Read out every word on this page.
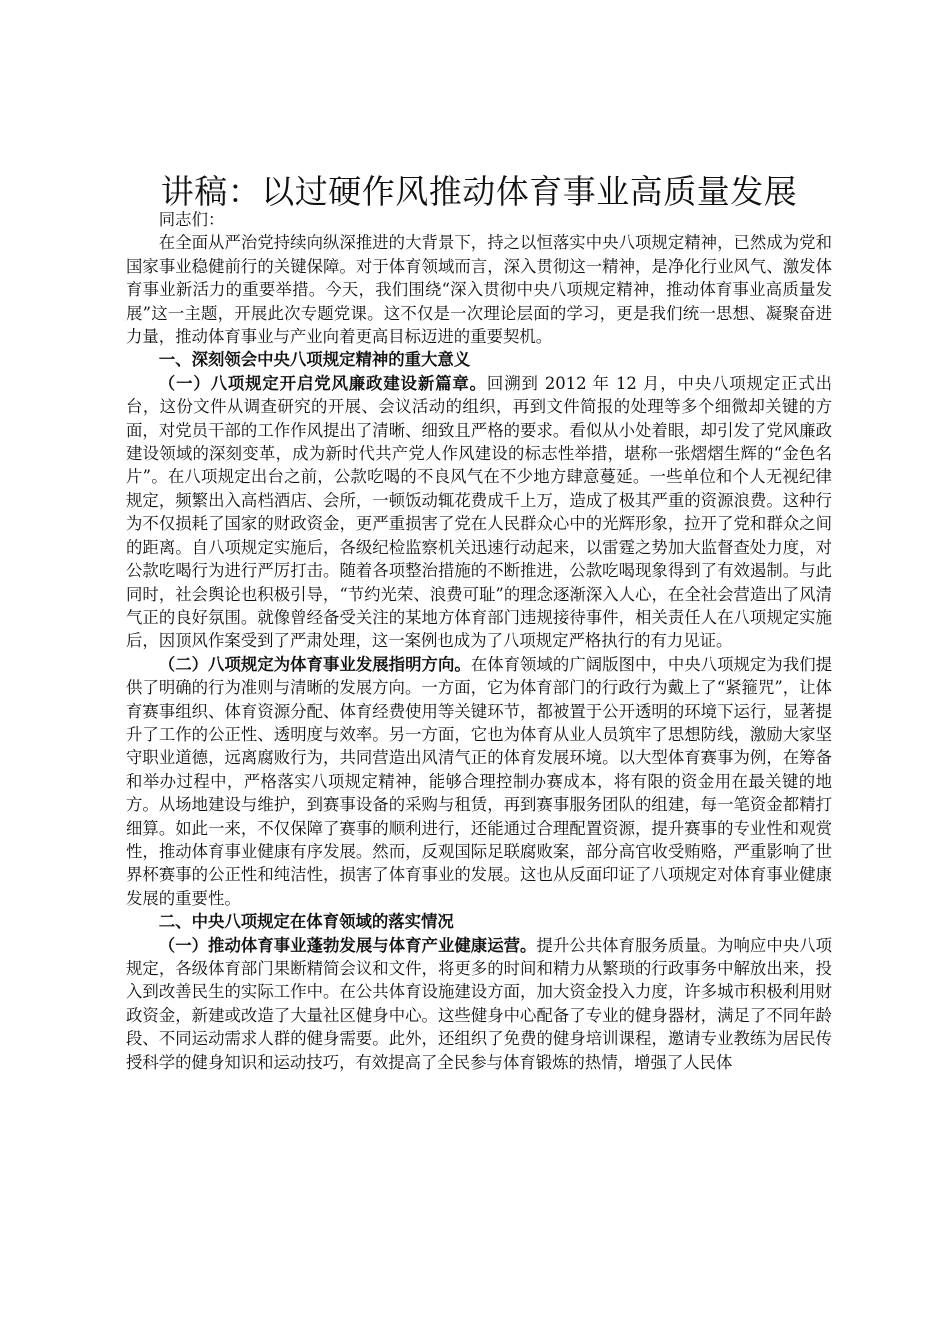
讲稿：以过硬作风推动体育事业高质量发展

同志们：

在全面从严治党持续向纵深推进的大背景下，持之以恒落实中央八项规定精神，已然成为党和国家事业稳健前行的关键保障。对于体育领域而言，深入贯彻这一精神，是净化行业风气、激发体育事业新活力的重要举措。今天，我们围绕“深入贯彻中央八项规定精神，推动体育事业高质量发展”这一主题，开展此次专题党课。这不仅是一次理论层面的学习，更是我们统一思想、凝聚奋进力量，推动体育事业与产业向着更高目标迈进的重要契机。

一、深刻领会中央八项规定精神的重大意义

（一）八项规定开启党风廉政建设新篇章。回溯到 2012 年 12 月，中央八项规定正式出台，这份文件从调查研究的开展、会议活动的组织，再到文件简报的处理等多个细微却关键的方面，对党员干部的工作作风提出了清晰、细致且严格的要求。看似从小处着眼，却引发了党风廉政建设领域的深刻变革，成为新时代共产党人作风建设的标志性举措，堪称一张熠熠生辉的“金色名片”。在八项规定出台之前，公款吃喝的不良风气在不少地方肆意蔓延。一些单位和个人无视纪律规定，频繁出入高档酒店、会所，一顿饭动辄花费成千上万，造成了极其严重的资源浪费。这种行为不仅损耗了国家的财政资金，更严重损害了党在人民群众心中的光辉形象，拉开了党和群众之间的距离。自八项规定实施后，各级纪检监察机关迅速行动起来，以雷霆之势加大监督查处力度，对公款吃喝行为进行严厉打击。随着各项整治措施的不断推进，公款吃喝现象得到了有效遏制。与此同时，社会舆论也积极引导，“节约光荣、浪费可耻”的理念逐渐深入人心，在全社会营造出了风清气正的良好氛围。就像曾经备受关注的某地方体育部门违规接待事件，相关责任人在八项规定实施后，因顶风作案受到了严肃处理，这一案例也成为了八项规定严格执行的有力见证。

（二）八项规定为体育事业发展指明方向。在体育领域的广阔版图中，中央八项规定为我们提供了明确的行为准则与清晰的发展方向。一方面，它为体育部门的行政行为戴上了“紧箍咒”，让体育赛事组织、体育资源分配、体育经费使用等关键环节，都被置于公开透明的环境下运行，显著提升了工作的公正性、透明度与效率。另一方面，它也为体育从业人员筑牢了思想防线，激励大家坚守职业道德，远离腐败行为，共同营造出风清气正的体育发展环境。以大型体育赛事为例，在筹备和举办过程中，严格落实八项规定精神，能够合理控制办赛成本，将有限的资金用在最关键的地方。从场地建设与维护，到赛事设备的采购与租赁，再到赛事服务团队的组建，每一笔资金都精打细算。如此一来，不仅保障了赛事的顺利进行，还能通过合理配置资源，提升赛事的专业性和观赏性，推动体育事业健康有序发展。然而，反观国际足联腐败案，部分高官收受贿赂，严重影响了世界杯赛事的公正性和纯洁性，损害了体育事业的发展。这也从反面印证了八项规定对体育事业健康发展的重要性。

二、中央八项规定在体育领域的落实情况

（一）推动体育事业蓬勃发展与体育产业健康运营。提升公共体育服务质量。为响应中央八项规定，各级体育部门果断精简会议和文件，将更多的时间和精力从繁琐的行政事务中解放出来，投入到改善民生的实际工作中。在公共体育设施建设方面，加大资金投入力度，许多城市积极利用财政资金，新建或改造了大量社区健身中心。这些健身中心配备了专业的健身器材，满足了不同年龄段、不同运动需求人群的健身需要。此外，还组织了免费的健身培训课程，邀请专业教练为居民传授科学的健身知识和运动技巧，有效提高了全民参与体育锻炼的热情，增强了人民体
